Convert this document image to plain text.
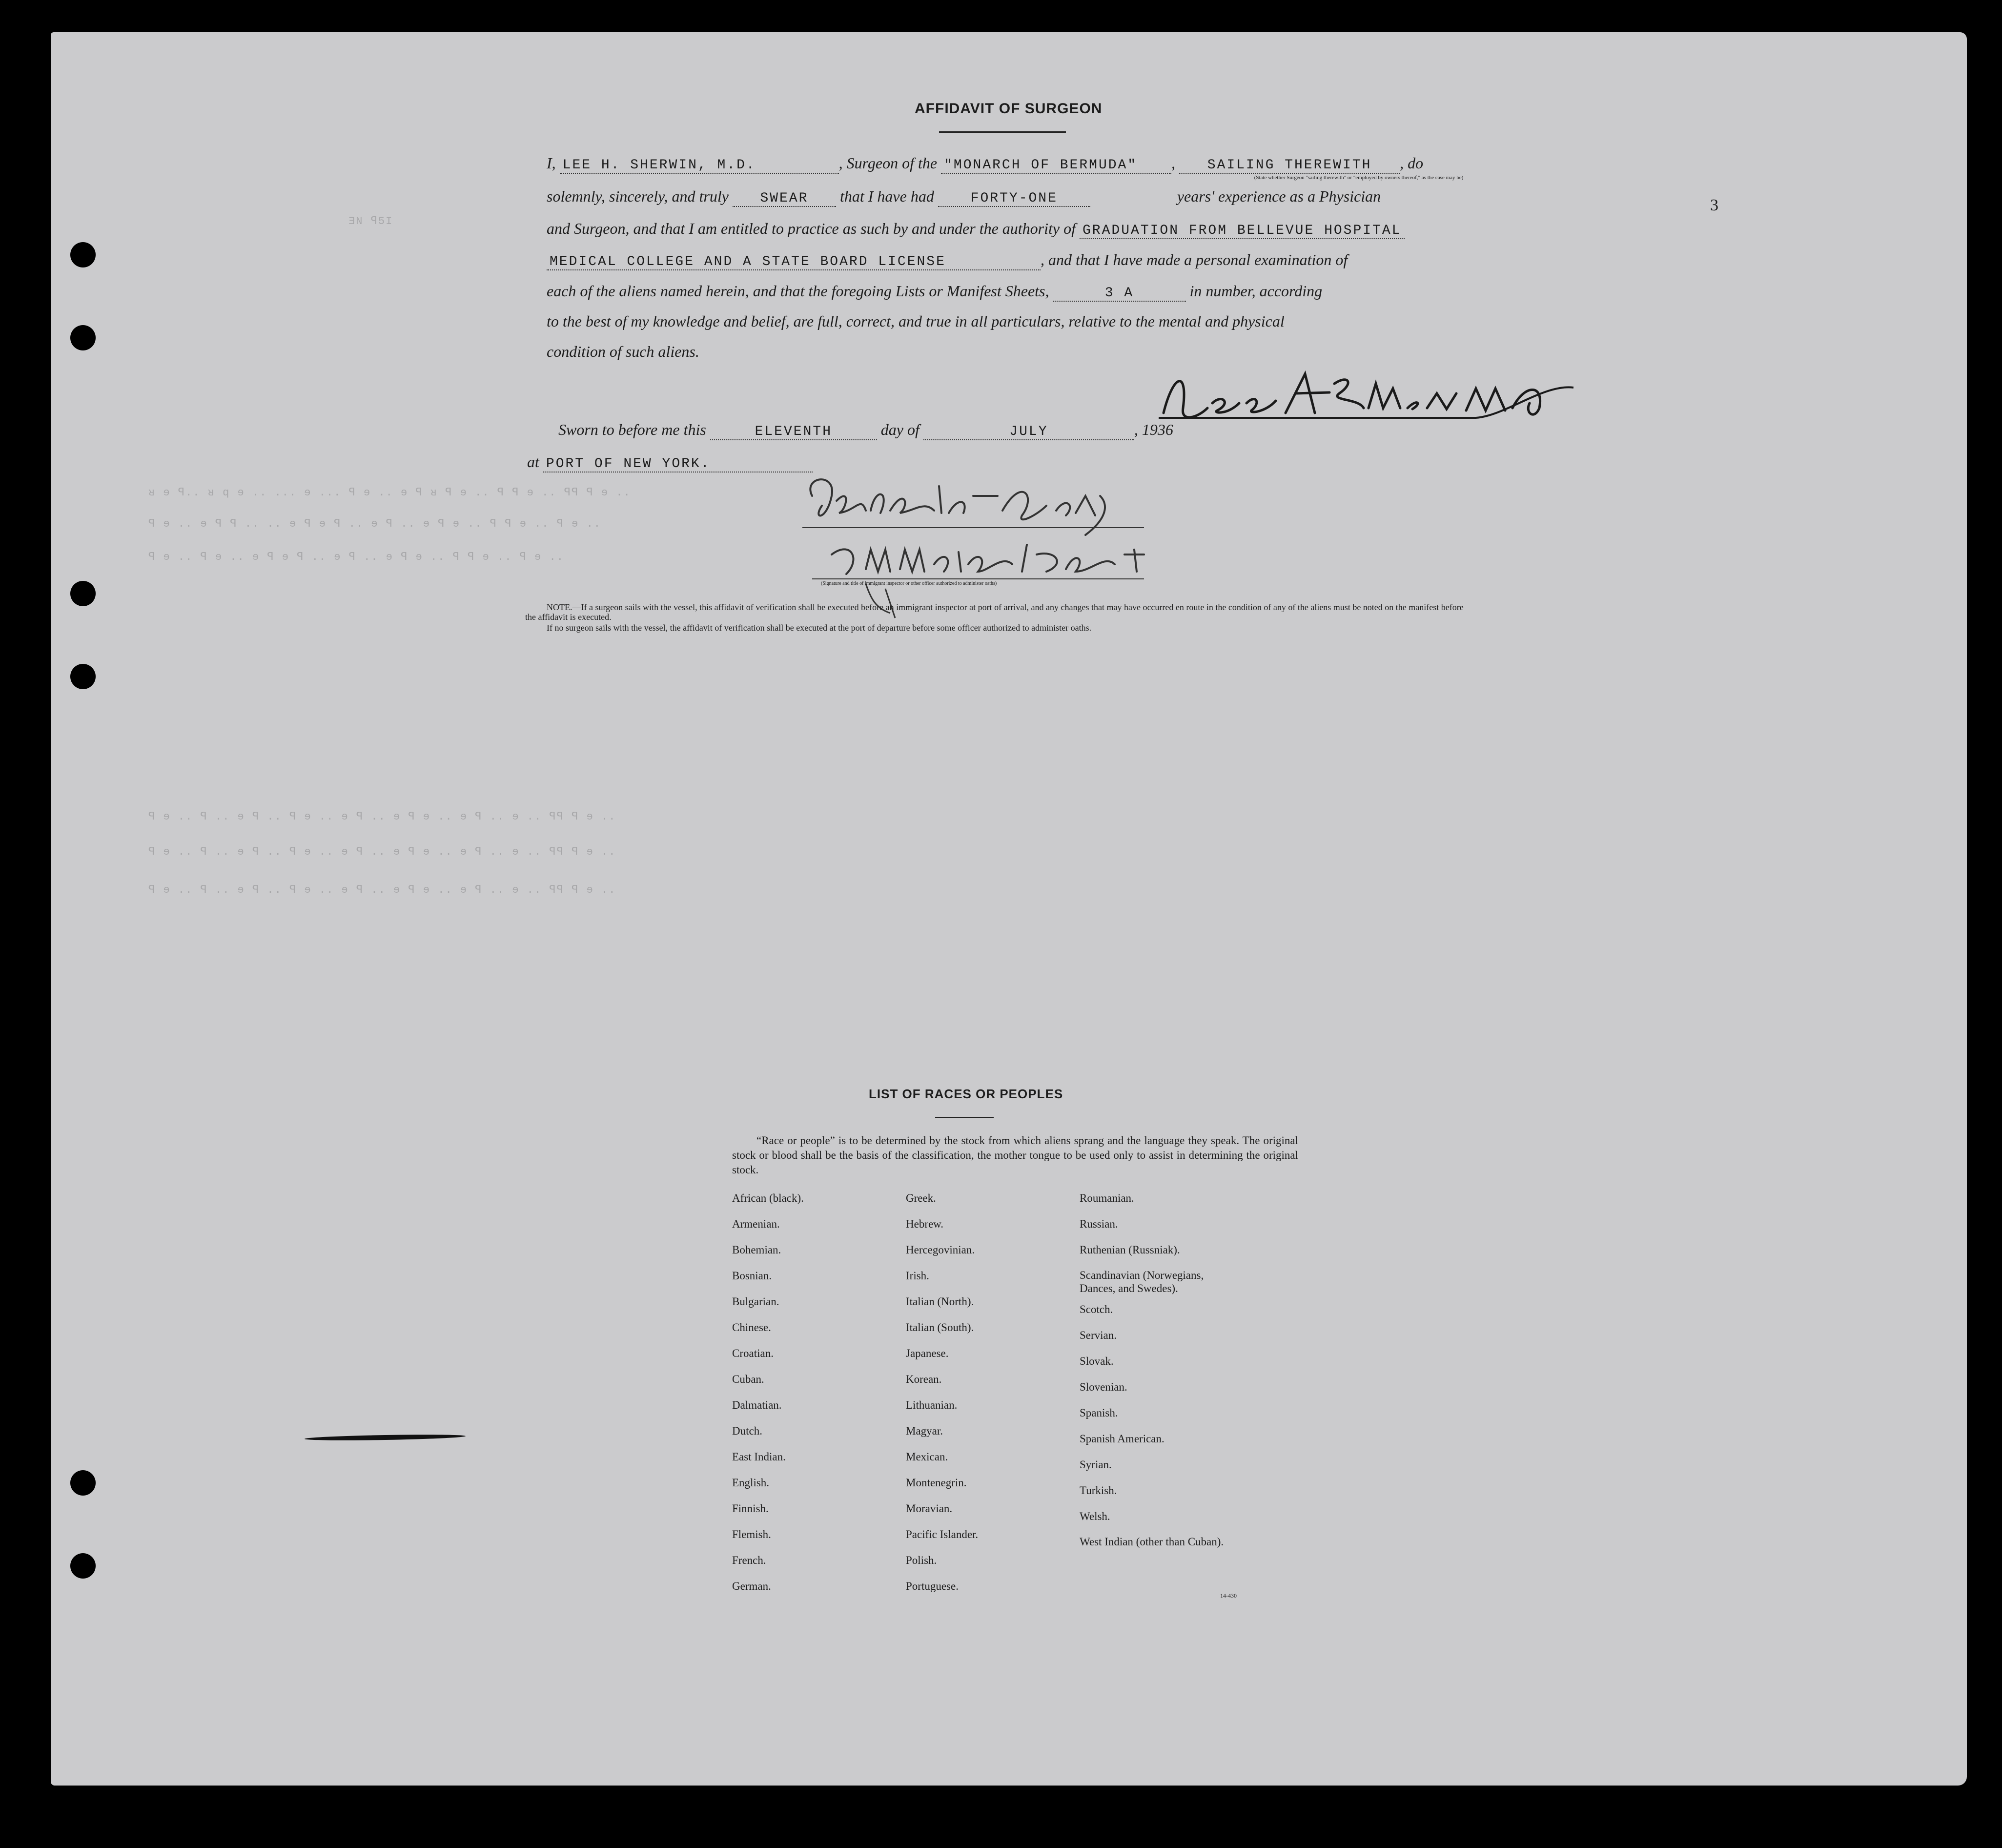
3
ƎN ꟼ5I
ᴚ ɘ ꟼ.. ᴚ q ɘ .. ... ɘ ... ꟼ ɘ .. ɘ ꟼ ᴚ ꟼ ɘ .. ꟼ ꟼ ɘ .. ꟼꟼ ꟼ ɘ ..
ꟼ ɘ .. ɘ ꟼ ꟼ .. .. ɘ ꟼ ɘ ꟼ .. ɘ ꟼ .. ɘ ꟼ ɘ .. ꟼ ꟼ ɘ .. ꟼ ɘ ..
ꟼ ɘ .. ꟼ ɘ .. ɘ ꟼ ɘ ꟼ .. ɘ ꟼ .. ɘ ꟼ ɘ .. ꟼ ꟼ ɘ .. ꟼ ɘ ..
ꟼ ɘ .. ꟼ .. ɘ ꟼ .. ꟼ ɘ .. ɘ ꟼ .. ɘ ꟼ ɘ .. ɘ ꟼ .. ɘ .. ꟼꟼ ꟼ ɘ ..
ꟼ ɘ .. ꟼ .. ɘ ꟼ .. ꟼ ɘ .. ɘ ꟼ .. ɘ ꟼ ɘ .. ɘ ꟼ .. ɘ .. ꟼꟼ ꟼ ɘ ..
ꟼ ɘ .. ꟼ .. ɘ ꟼ .. ꟼ ɘ .. ɘ ꟼ .. ɘ ꟼ ɘ .. ɘ ꟼ .. ɘ .. ꟼꟼ ꟼ ɘ ..
AFFIDAVIT OF SURGEON
I, LEE H. SHERWIN, M.D.	, Surgeon of the "MONARCH OF BERMUDA" , SAILING THEREWITH , do
(State whether Surgeon "sailing therewith" or "employed by owners thereof," as the case may be)
solemnly, sincerely, and truly SWEAR that I have had	FORTY-ONE	years' experience as a Physician
and Surgeon, and that I am entitled to practice as such by and under the authority of GRADUATION FROM BELLEVUE HOSPITAL
MEDICAL COLLEGE AND A STATE BOARD LICENSE	, and that I have made a personal examination of
each of the aliens named herein, and that the foregoing Lists or Manifest Sheets,	3 A	in number, according
to the best of my knowledge and belief, are full, correct, and true in all particulars, relative to the mental and physical
condition of such aliens.
Sworn to before me this	ELEVENTH	day of	JULY	, 1936
at PORT OF NEW YORK.
(Signature and title of immigrant inspector or other officer authorized to administer oaths)
NOTE.—If a surgeon sails with the vessel, this affidavit of verification shall be executed before an immigrant inspector at port of arrival, and any changes that may have occurred en route in the condition of any of the aliens must be noted on the manifest before the affidavit is executed.
If no surgeon sails with the vessel, the affidavit of verification shall be executed at the port of departure before some officer authorized to administer oaths.
LIST OF RACES OR PEOPLES
“Race or people” is to be determined by the stock from which aliens sprang and the language they speak. The original stock or blood shall be the basis of the classification, the mother tongue to be used only to assist in determining the original stock.
African (black).
Armenian.
Bohemian.
Bosnian.
Bulgarian.
Chinese.
Croatian.
Cuban.
Dalmatian.
Dutch.
East Indian.
English.
Finnish.
Flemish.
French.
German.
Greek.
Hebrew.
Hercegovinian.
Irish.
Italian (North).
Italian (South).
Japanese.
Korean.
Lithuanian.
Magyar.
Mexican.
Montenegrin.
Moravian.
Pacific Islander.
Polish.
Portuguese.
Roumanian.
Russian.
Ruthenian (Russniak).
Scandinavian (Norwegians, Dances, and Swedes).
Scotch.
Servian.
Slovak.
Slovenian.
Spanish.
Spanish American.
Syrian.
Turkish.
Welsh.
West Indian (other than Cuban).
14-430
